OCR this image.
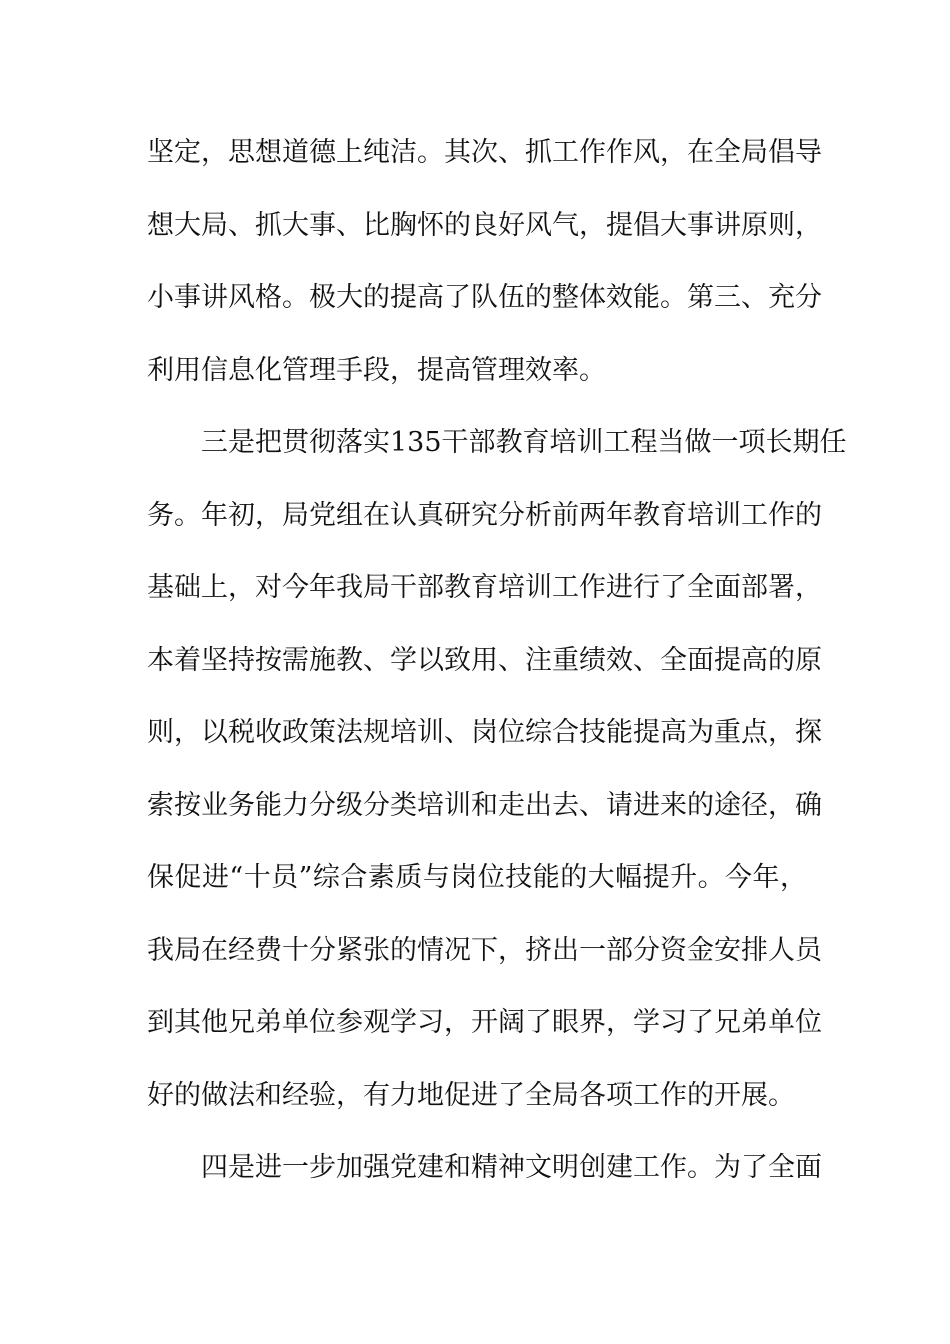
坚定，思想道德上纯洁。其次、抓工作作风，在全局倡导
想大局、抓大事、比胸怀的良好风气，提倡大事讲原则，
小事讲风格。极大的提高了队伍的整体效能。第三、充分
利用信息化管理手段，提高管理效率。
三是把贯彻落实135干部教育培训工程当做一项长期任
务。年初，局党组在认真研究分析前两年教育培训工作的
基础上，对今年我局干部教育培训工作进行了全面部署，
本着坚持按需施教、学以致用、注重绩效、全面提高的原
则，以税收政策法规培训、岗位综合技能提高为重点，探
索按业务能力分级分类培训和走出去、请进来的途径，确
保促进“十员”综合素质与岗位技能的大幅提升。今年，
我局在经费十分紧张的情况下，挤出一部分资金安排人员
到其他兄弟单位参观学习，开阔了眼界，学习了兄弟单位
好的做法和经验，有力地促进了全局各项工作的开展。
四是进一步加强党建和精神文明创建工作。为了全面
